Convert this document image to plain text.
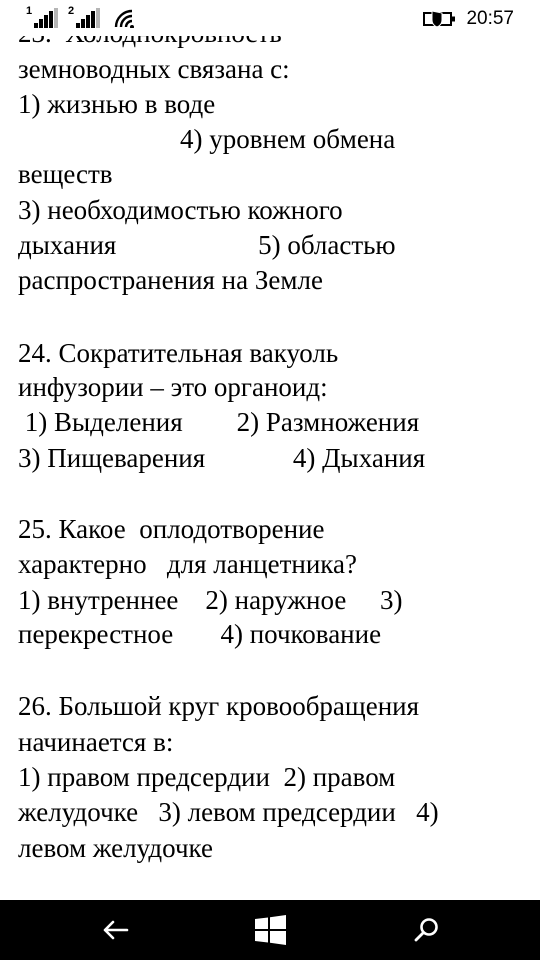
земноводных связана с:
1) жизнью в воде
4) уровнем обмена
веществ
3) необходимостью кожного
дыхания                     5) областью
распространения на Земле
24. Сократительная вакуоль
инфузории – это органоид:
1) Выделения        2) Размножения
3) Пищеварения             4) Дыхания
25. Какое  оплодотворение
характерно   для ланцетника?
1) внутреннее    2) наружное     3)
перекрестное       4) почкование
26. Большой круг кровообращения
начинается в:
1) правом предсердии  2) правом
желудочке   3) левом предсердии   4)
левом желудочке
1	2	20:57
